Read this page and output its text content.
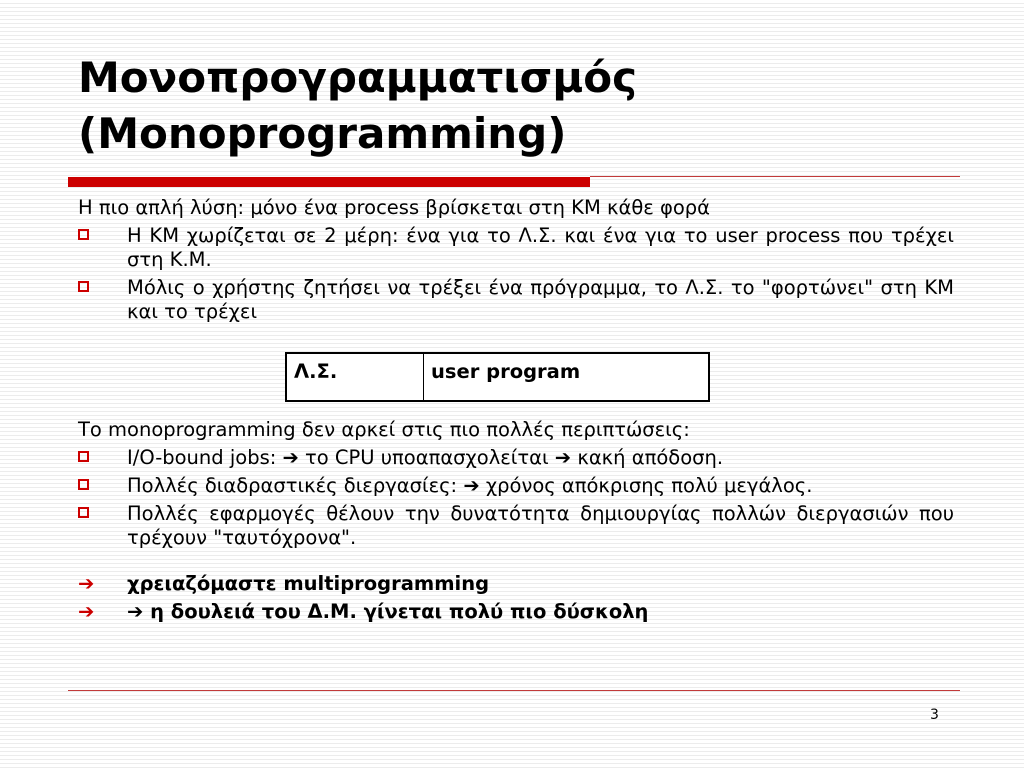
Μονοπρογραμματισμός
(Monoprogramming)

Η πιο απλή λύση: μόνο ένα process βρίσκεται στη ΚΜ κάθε φορά

Η ΚΜ χωρίζεται σε 2 μέρη: ένα για το Λ.Σ. και ένα για το user process που τρέχει στη Κ.Μ.
Μόλις ο χρήστης ζητήσει να τρέξει ένα πρόγραμμα, το Λ.Σ. το "φορτώνει" στη ΚΜ και το τρέχει
Λ.Σ.	user program

Το monoprogramming δεν αρκεί στις πιο πολλές περιπτώσεις:

I/O-bound jobs: ➔ το CPU υποαπασχολείται ➔ κακή απόδοση.
Πολλές διαδραστικές διεργασίες: ➔ χρόνος απόκρισης πολύ μεγάλος.
Πολλές εφαρμογές θέλουν την δυνατότητα δημιουργίας πολλών διεργασιών που τρέχουν "ταυτόχρονα".
➔ χρειαζόμαστε multiprogramming
➔ ➔ η δουλειά του Δ.Μ. γίνεται πολύ πιο δύσκολη
3
